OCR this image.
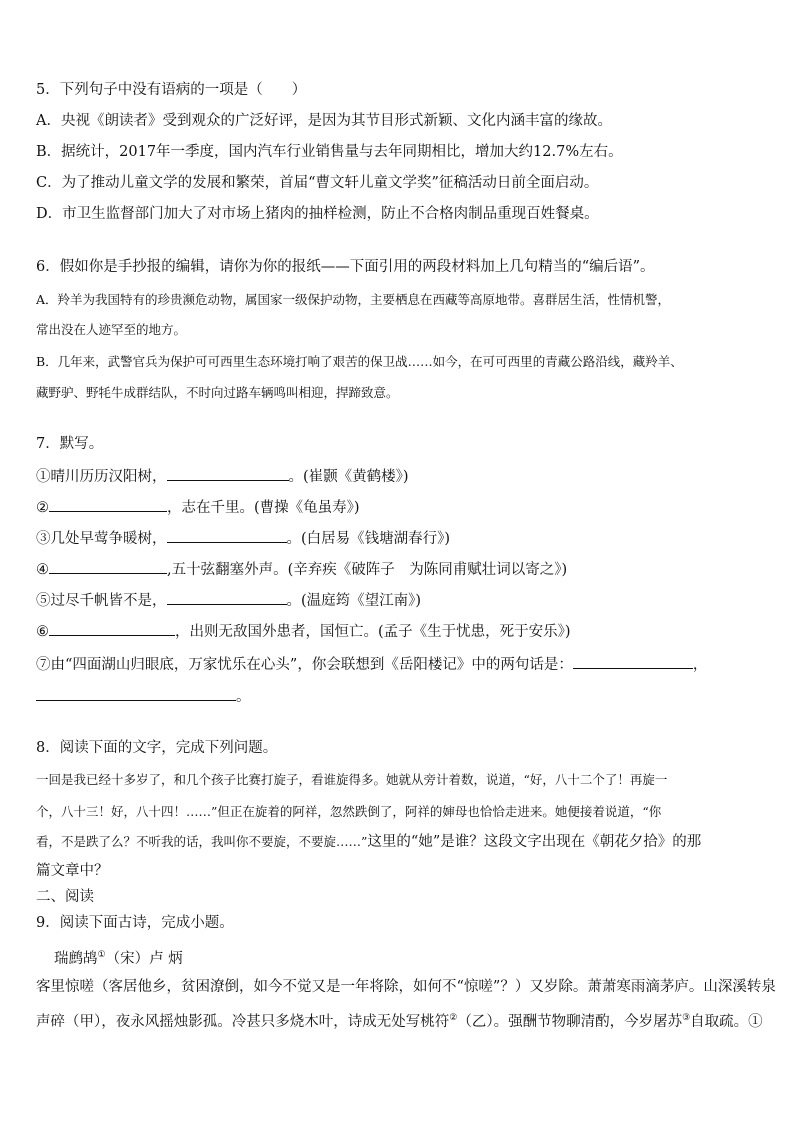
5．下列句子中没有语病的一项是（　　）
A．央视《朗读者》受到观众的广泛好评，是因为其节目形式新颖、文化内涵丰富的缘故。
B．据统计，2017年一季度，国内汽车行业销售量与去年同期相比，增加大约12.7%左右。
C．为了推动儿童文学的发展和繁荣，首届“曹文轩儿童文学奖”征稿活动日前全面启动。
D．市卫生监督部门加大了对市场上猪肉的抽样检测，防止不合格肉制品重现百姓餐桌。
6．假如你是手抄报的编辑，请你为你的报纸——下面引用的两段材料加上几句精当的“编后语”。
A．羚羊为我国特有的珍贵濒危动物，属国家一级保护动物，主要栖息在西藏等高原地带。喜群居生活，性情机警，
常出没在人迹罕至的地方。
B．几年来，武警官兵为保护可可西里生态环境打响了艰苦的保卫战……如今，在可可西里的青藏公路沿线，藏羚羊、
藏野驴、野牦牛成群结队，不时向过路车辆鸣叫相迎，捍蹄致意。
7．默写。
①晴川历历汉阳树，	。(崔颢《黄鹤楼》)
②	，志在千里。(曹操《龟虽寿》)
③几处早莺争暖树，	。(白居易《钱塘湖春行》)
④	,五十弦翻塞外声。(辛弃疾《破阵子　为陈同甫赋壮词以寄之》)
⑤过尽千帆皆不是，	。(温庭筠《望江南》)
⑥	，出则无敌国外患者，国恒亡。(孟子《生于忧患，死于安乐》)
⑦由“四面湖山归眼底，万家忧乐在心头”，你会联想到《岳阳楼记》中的两句话是：	，
。
8．阅读下面的文字，完成下列问题。
一回是我已经十多岁了，和几个孩子比赛打旋子，看谁旋得多。她就从旁计着数，说道，“好，八十二个了！再旋一
个，八十三！好，八十四！……”但正在旋着的阿祥，忽然跌倒了，阿祥的婶母也恰恰走进来。她便接着说道，“你
看，不是跌了么？不听我的话，我叫你不要旋，不要旋……”这里的“她”是谁？这段文字出现在《朝花夕拾》的那
篇文章中？
二、阅读
9．阅读下面古诗，完成小题。
瑞鹧鸪①（宋）卢 炳
客里惊嗟（客居他乡，贫困潦倒，如今不觉又是一年将除，如何不“惊嗟”？）又岁除。萧萧寒雨滴茅庐。山深溪转泉
声碎（甲），夜永风摇烛影孤。冷甚只多烧木叶，诗成无处写桃符②（乙）。强酬节物聊清酌，今岁屠苏③自取疏。①
